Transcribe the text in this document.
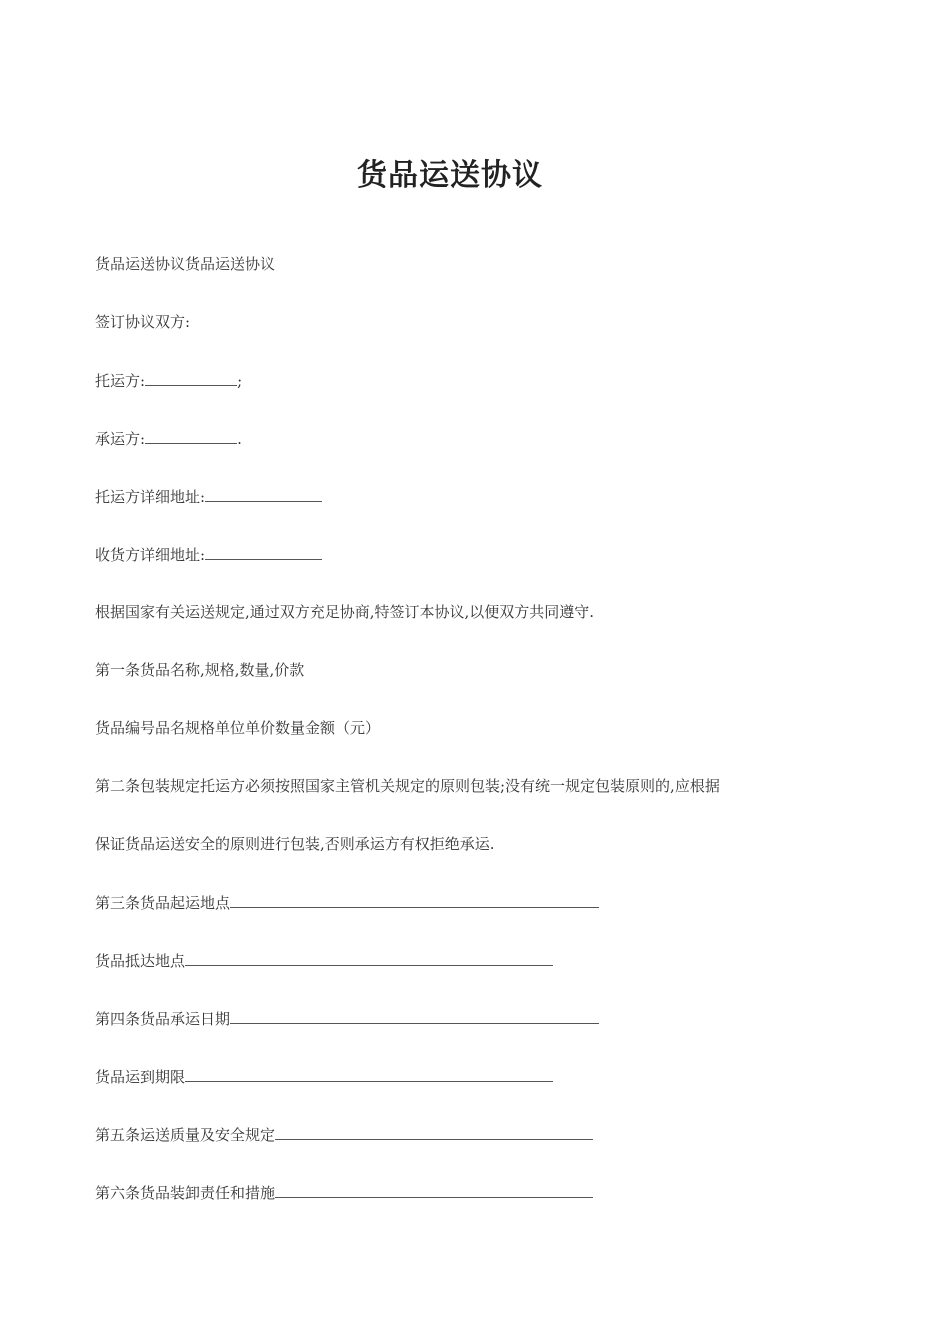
货品运送协议

货品运送协议货品运送协议

签订协议双方:

托运方:	;

承运方:	.

托运方详细地址:

收货方详细地址:

根据国家有关运送规定,通过双方充足协商,特签订本协议,以便双方共同遵守.

第一条货品名称,规格,数量,价款

货品编号品名规格单位单价数量金额（元）

第二条包装规定托运方必须按照国家主管机关规定的原则包装;没有统一规定包装原则的,应根据

保证货品运送安全的原则进行包装,否则承运方有权拒绝承运.

第三条货品起运地点

货品抵达地点

第四条货品承运日期

货品运到期限

第五条运送质量及安全规定

第六条货品装卸责任和措施
